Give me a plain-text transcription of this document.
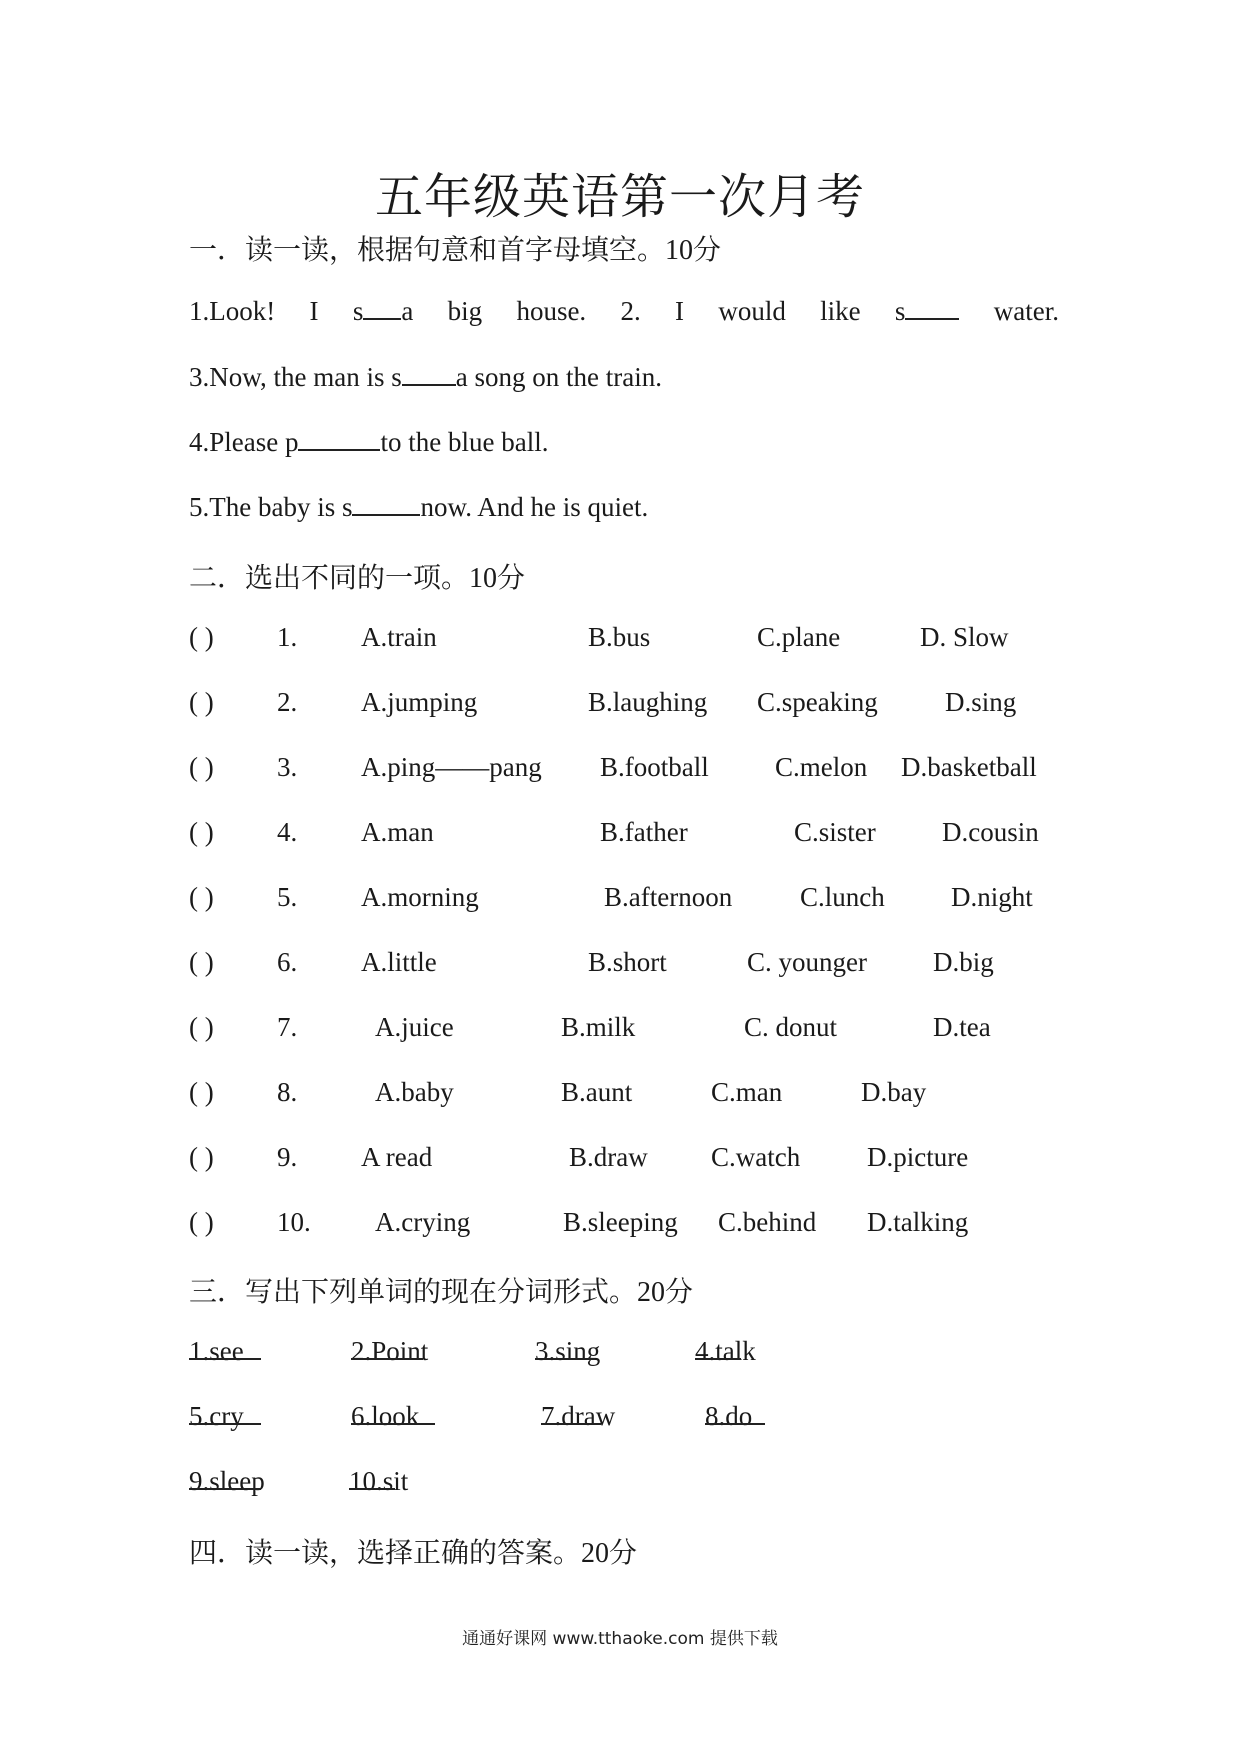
五年级英语第一次月考
一．读一读，根据句意和首字母填空。10分
1.Look! I s a big house. 2. I would like s	water.
3.Now, the man is s a song on the train.
4.Please p	to the blue ball.
5.The baby is s	now. And he is quiet.
二．选出不同的一项。10分
( ) 1. A.train	B.bus	C.plane	D. Slow
( ) 2. A.jumping	B.laughing C.speaking D.sing
( ) 3. A.ping——pang B.football C.melon D.basketball
( ) 4. A.man	B.father	C.sister D.cousin
( ) 5. A.morning	B.afternoon	C.lunch D.night
( ) 6. A.little	B.short	C. younger D.big
( ) 7.	A.juice	B.milk	C. donut	D.tea
( ) 8.	A.baby	B.aunt	C.man	D.bay
( ) 9. A read	B.draw C.watch D.picture
( ) 10. A.crying	B.sleeping C.behind D.talking
三．写出下列单词的现在分词形式。20分
1.see	2.Point	3.sing	4.talk
5.cry	6.look	7.draw	8.do
9.sleep	10.sit
四．读一读，选择正确的答案。20分
通通好课网 www.tthaoke.com 提供下载
